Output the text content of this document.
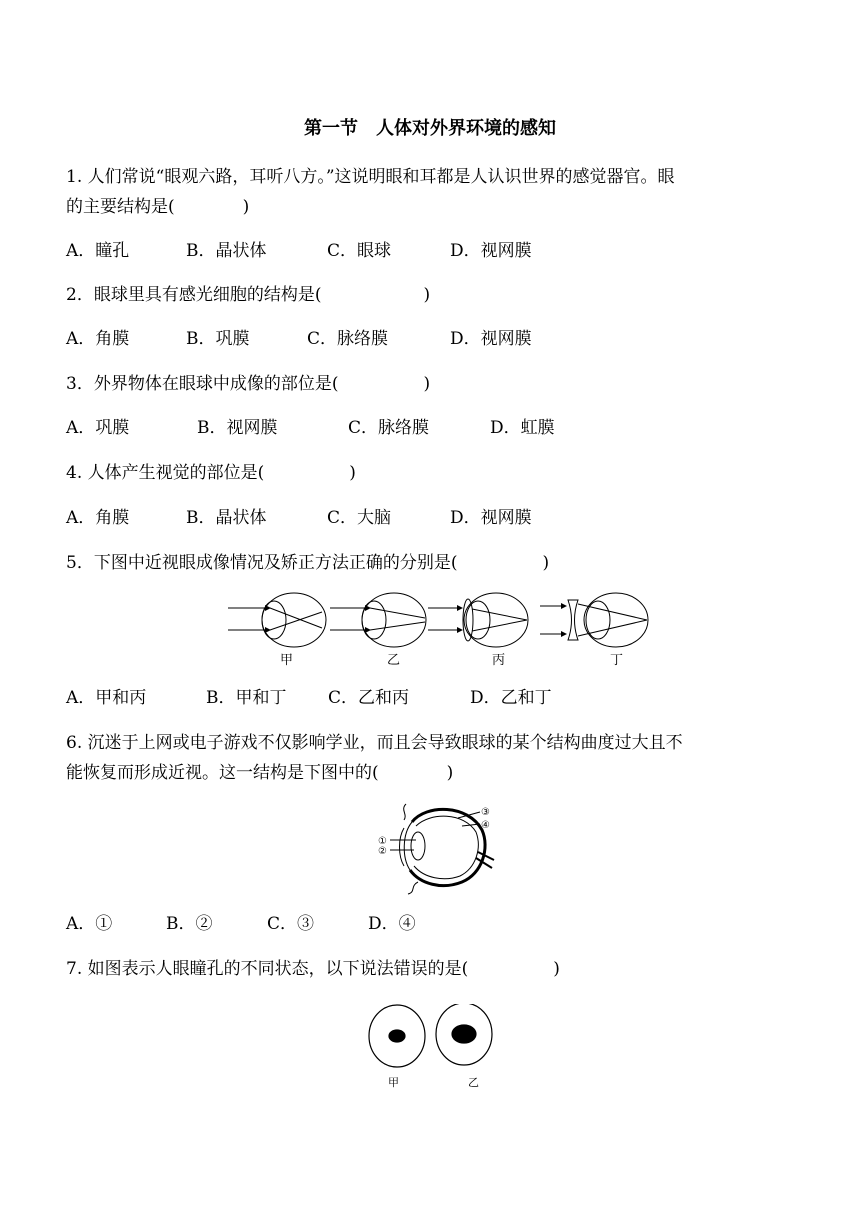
第一节　人体对外界环境的感知
1. 人们常说“眼观六路，耳听八方。”这说明眼和耳都是人认识世界的感觉器官。眼
的主要结构是(　　　　)
A．瞳孔	B．晶状体	C．眼球	D．视网膜
2．眼球里具有感光细胞的结构是(　　　　　　)
A．角膜	B．巩膜	C．脉络膜	D．视网膜
3．外界物体在眼球中成像的部位是(　　　　　)
A．巩膜	B．视网膜	C．脉络膜	D．虹膜
4. 人体产生视觉的部位是(　　　　　)
A．角膜	B．晶状体	C．大脑	D．视网膜
5．下图中近视眼成像情况及矫正方法正确的分别是(　　　　　)
甲	乙	丙	丁
A．甲和丙	B．甲和丁 C．乙和丙	D．乙和丁
6. 沉迷于上网或电子游戏不仅影响学业，而且会导致眼球的某个结构曲度过大且不
能恢复而形成近视。这一结构是下图中的(　　　　)
①
②
③
④
A．①	B．②	C．③	D．④
7. 如图表示人眼瞳孔的不同状态，以下说法错误的是(　　　　　)
甲	乙
